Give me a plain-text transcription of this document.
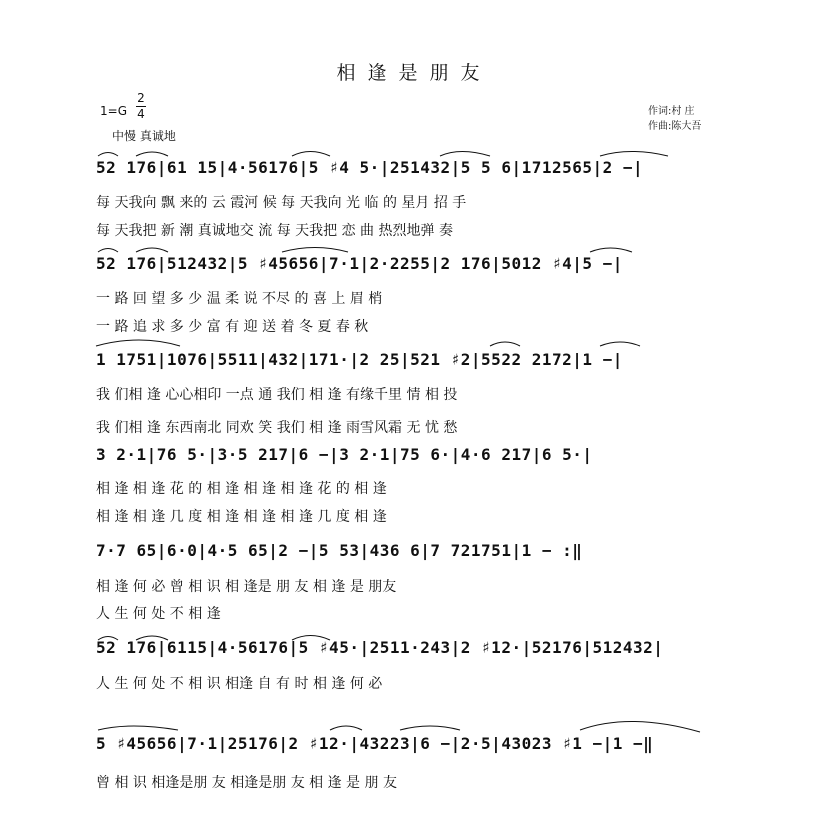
相逢是朋友
1=G
2
4
中慢 真诚地
作词:村 庄
作曲:陈大吾
52 176|61 15|4·56176|5 ♯4 5·|251432|5 5 6|1712565|2 −|
每 天我向 飘 来的 云 霞河 候 每 天我向 光 临 的 星月 招 手
每 天我把 新 潮 真诚地交 流 每 天我把 恋 曲 热烈地弹 奏
52 176|512432|5 ♯45656|7·1|2·2255|2 176|5012 ♯4|5 −|
一 路 回 望 多 少 温 柔 说 不尽 的 喜 上 眉 梢
一 路 追 求 多 少 富 有 迎 送 着 冬 夏 春 秋
1 1751|1076|5511|432|171·|2 25|521 ♯2|5522 2172|1 −|
我 们相 逢 心心相印 一点 通 我们 相 逢 有缘千里 情 相 投
我 们相 逢 东西南北 同欢 笑 我们 相 逢 雨雪风霜 无 忧 愁
3 2·1|76 5·|3·5 217|6 −|3 2·1|75 6·|4·6 217|6 5·|
相 逢 相 逢 花 的 相 逢 相 逢 相 逢 花 的 相 逢
相 逢 相 逢 几 度 相 逢 相 逢 相 逢 几 度 相 逢
7·7 65|6·0|4·5 65|2 −|5 53|436 6|7 721751|1 − :‖
相 逢 何 必 曾 相 识 相 逢是 朋 友 相 逢 是 朋友
人 生 何 处 不 相 逢
52 176|6115|4·56176|5 ♯45·|2511·243|2 ♯12·|52176|512432|
人 生 何 处 不 相 识 相逢 自 有 时 相 逢 何 必
5 ♯45656|7·1|25176|2 ♯12·|43223|6 −|2·5|43023 ♯1 −|1 −‖
曾 相 识 相逢是朋 友 相逢是朋 友 相 逢 是 朋 友
